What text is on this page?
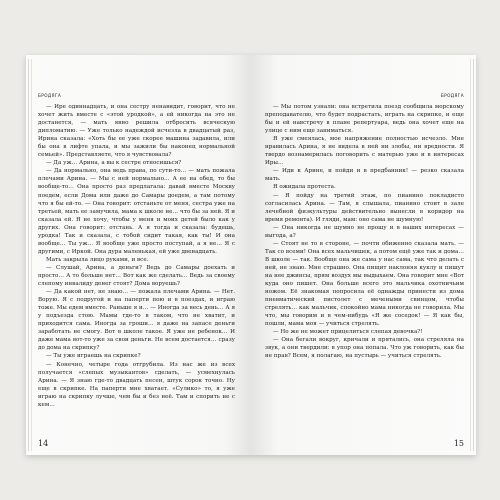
БРОДЯГА

— Ире одиннадцать, и она сестру ненавидит, говорит, что не хочет жить вместе с «этой уродкой», а ей никогда на это не достанется, — мать явно решила отбросить всяческую дипломатию. — Уже только надеждой исчезла в двадцатый раз, Ирина сказала: «Хоть бы ее уже скорее машина задавила, или бы она в лифте упала, и мы зажили бы наконец нормальной семьей». Представляете, что я чувствовала?

— Да уж… Арина, а вы к сестре относишься?

— Да нормально, она ведь права, по сути-то… — мать пожала плечами Арина. — Мы с ней нормально… А ее на обед, то бы вообще-то… Она просто раз предлагала: давай вместе Москву поедем, если Дома или даже до Самары доедем, а там потому что я бы ей-то. — Она говорит: отстаньте от меня, сестра уже на третьей, мать ее замучила, мама к школе не… что бы за ней. Я и сказала ей. Я не хочу, чтобы у меня и моих детей было как у других. Она говорит: отстань. А я тогда и сказала: будешь, уродка! Так и сказала, с тобой сидит такая, как ты! И она вообще… Ты уж… Я вообще уже просто поступай, а я не… Я с другими, с Иркой. Она дура маленькая, ей уже двенадцать.

Мать закрыла лицо руками, и все.

— Слушай, Арина, а деньги? Ведь до Самары доехать и просто… А то больше нет… Вот как же сделать… Ведь за своему слепому инвалиду денег стоят? Дома воруешь?

— Да какой нет, не знаю… — пожала плечами Арина. — Нет. Ворую. Я с подругой и на паперти пою и в поездах, и играю тоже. Мы едем вместе. Раньше я и… — Иногда за весь день… А я у подъезда стою. Мамы где-то в таком, что не хватит, и приходится сама. Иногда за гроши… я даже на запасе деньги заработать не смогу. Вот в школе такое. Я уже не ребенок… И даже мама вот-то уже за свои деньги. Не всем достается… сразу до дома на скрипку?

— Ты уже играешь на скрипке?

— Конечно, четыре года отгрубила. Из нас же из всех получается «слепых музыкантов» сделать, — усмехнулась Арина. — Я знаю где-то двадцать песен, штук сорок точно. Ну еще в скрипке. На паперти мне хватает. «Сулико» то, я уже играю на скрипку лучше, чем бы и без неё. Там и спорить не с кем…

14
БРОДЯГА

— Мы потом узнали: она встретила поезд сообщила морскому преподавателю, что будет подрастать, играть на скрипке, и еще бы и ей навстречу в плане репертуара, ведь она хочет еще на улице с ним еще заниматься.

Я уже смеялась, мое напряжение полностью исчезло. Мне нравилась Арина, я не видела в ней ни злобы, ни вредности. Я твердо вознамерилась поговорить с матерью уже и в интересах Иры…

— Иди к Арине, и пойди и в предбанник! — резко сказала мать.

Я ожидала протеста.

— Я пойду на третий этаж, по пианино покладисто согласилась Арина. — Там, я слышала, пианино стоит в зале лечебной физкультуры действительно вынесли в коридор на время ремонта). И гляди, мам: оно сама не шумную!

— Она никогда не шумно не прошу и в ваших интересах — выгода, а?

— Стоят не то в стороне, — почти обиженно сказала мать. — Так со всеми! Она всех мальчишек, а потом ещё уже так и дома… В школе — так. Вообще она же сама у нас сама, так что делать с ней, не знаю. Мне страшно. Она пищит наклоняя куклу и пишут на нее джинсы, прям воздух мы выдыхаем. Она говорит мне «Вот куда оно пишет. Она больше всего это мальчика охотничьим ножом. Её знакомая попросила её однажды принести из дома пневматический пистолет с мечеными свинцом, чтобы стрелять… как мальчик, спокойно мама никогда не говорила. Мы что, мы говорим и в чем-нибудь «Я же соседок! — Я как бы, пошли, мама моя — учиться стрелять.

— Но же не может прицелиться слепая девочка?!

— Она бегали вокруг, кричали и прятались, она стреляла на звук, а они твердили: в упор она попала. Что уж говорить, как бы не прав? Всем, я полагаю, на пустырь — учиться стрелять.

15
